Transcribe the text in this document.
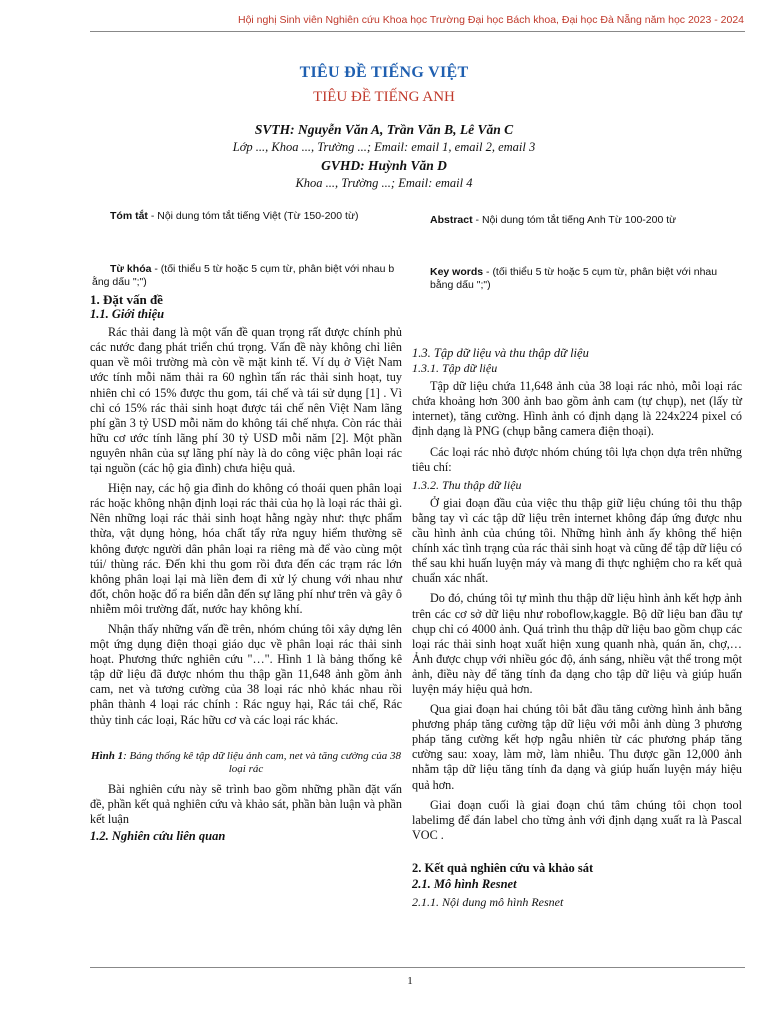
Hội nghị Sinh viên Nghiên cứu Khoa học Trường Đại học Bách khoa, Đại học Đà Nẵng năm học 2023 - 2024
TIÊU ĐỀ TIẾNG VIỆT
TIÊU ĐỀ TIẾNG ANH
SVTH: Nguyễn Văn A, Trần Văn B, Lê Văn C
Lớp ..., Khoa ..., Trường ...; Email: email 1, email 2, email 3
GVHD: Huỳnh Văn D
Khoa ..., Trường ...; Email: email 4
Tóm tắt - Nội dung tóm tắt tiếng Việt (Từ 150-200 từ)	Abstract - Nội dung tóm tắt tiếng Anh Từ 100-200 từ
Từ khóa - (tối thiểu 5 từ hoặc 5 cụm từ, phân biệt với nhau b
ằng dấu ";")
Key words - (tối thiểu 5 từ hoặc 5 cụm từ, phân biệt với nhau
bằng dấu ";")
1. Đặt vấn đề
1.1. Giới thiệu

Rác thải đang là một vấn đề quan trọng rất được chính phủ các nước đang phát triển chú trọng. Vấn đề này không chỉ liên quan về môi trường mà còn về mặt kinh tế. Ví dụ ở Việt Nam ước tính mỗi năm thải ra 60 nghìn tấn rác thải sinh hoạt, tuy nhiên chỉ có 15% được thu gom, tái chế và tái sử dụng [1] . Vì chỉ có 15% rác thải sinh hoạt được tái chế nên Việt Nam lãng phí gần 3 tỷ USD mỗi năm do không tái chế nhựa. Còn rác thải hữu cơ ước tính lãng phí 30 tỷ USD mỗi năm [2]. Một phần nguyên nhân của sự lãng phí này là do công việc phân loại rác tại nguồn (các hộ gia đình) chưa hiệu quả.

Hiện nay, các hộ gia đình do không có thoái quen phân loại rác hoặc không nhận định loại rác thải của họ là loại rác thải gì. Nên những loại rác thải sinh hoạt hằng ngày như: thực phẩm thừa, vật dụng hỏng, hóa chất tẩy rửa nguy hiểm thường sẽ không được người dân phân loại ra riêng mà để vào cùng một túi/ thùng rác. Đến khi thu gom rồi đưa đến các trạm rác lớn không phân loại lại mà liền đem đi xử lý chung với nhau như đốt, chôn hoặc đổ ra biển dẫn đến sự lãng phí như trên và gây ô nhiễm môi trường đất, nước hay không khí.

Nhận thấy những vấn đề trên, nhóm chúng tôi xây dựng lên một ứng dụng điện thoại giáo dục về phân loại rác thải sinh hoạt. Phương thức nghiên cứu "…". Hình 1 là bảng thống kê tập dữ liệu đã được nhóm thu thập gần 11,648 ảnh gồm ảnh cam, net và tương cường của 38 loại rác nhỏ khác nhau rồi phân thành 4 loại rác chính : Rác nguy hại, Rác tái chế, Rác thủy tinh các loại, Rác hữu cơ và các loại rác khác.

Hình 1: Bảng thống kê tập dữ liệu ảnh cam, net và tăng cường của 38 loại rác

Bài nghiên cứu này sẽ trình bao gồm những phần đặt vấn đề, phần kết quả nghiên cứu và khảo sát, phần bàn luận và phần kết luận

1.2. Nghiên cứu liên quan
1.3. Tập dữ liệu và thu thập dữ liệu
1.3.1. Tập dữ liệu

Tập dữ liệu chứa 11,648 ảnh của 38 loại rác nhỏ, mỗi loại rác chứa khoảng hơn 300 ảnh bao gồm ảnh cam (tự chụp), net (lấy từ internet), tăng cường. Hình ảnh có định dạng là 224x224 pixel có định dạng là PNG (chụp bằng camera điện thoại).

Các loại rác nhỏ được nhóm chúng tôi lựa chọn dựa trên những tiêu chí:

1.3.2. Thu thập dữ liệu

Ở giai đoạn đầu của việc thu thập giữ liệu chúng tôi thu thập bằng tay vì các tập dữ liệu trên internet không đáp ứng được nhu cầu hình ảnh của chúng tôi. Những hình ảnh ấy không thể hiện chính xác tình trạng của rác thải sinh hoạt và cũng để tập dữ liệu có thể sau khi huấn luyện máy và mang đi thực nghiệm cho ra kết quả chuẩn xác nhất.

Do đó, chúng tôi tự mình thu thập dữ liệu hình ảnh kết hợp ảnh trên các cơ sở dữ liệu như roboflow,kaggle. Bộ dữ liệu ban đầu tự chụp chỉ có 4000 ảnh. Quá trình thu thập dữ liệu bao gồm chụp các loại rác thải sinh hoạt xuất hiện xung quanh nhà, quán ăn, chợ,…Ảnh được chụp với nhiều góc độ, ánh sáng, nhiều vật thể trong một ảnh, điều này để tăng tính đa dạng cho tập dữ liệu và giúp huấn luyện máy hiệu quả hơn.

Qua giai đoạn hai chúng tôi bắt đầu tăng cường hình ảnh bằng phương pháp tăng cường tập dữ liệu với mỗi ảnh dùng 3 phương pháp tăng cường kết hợp ngẫu nhiên từ các phương pháp tăng cường sau: xoay, làm mờ, làm nhiễu. Thu được gần 12,000 ảnh nhằm tập dữ liệu tăng tính đa dạng và giúp huấn luyện máy hiệu quả hơn.

Giai đoạn cuối là giai đoạn chú tâm chúng tôi chọn tool labelimg để đán label cho từng ảnh với định dạng xuất ra là Pascal VOC .

2. Kết quả nghiên cứu và khảo sát
2.1. Mô hình Resnet
2.1.1. Nội dung mô hình Resnet
1
